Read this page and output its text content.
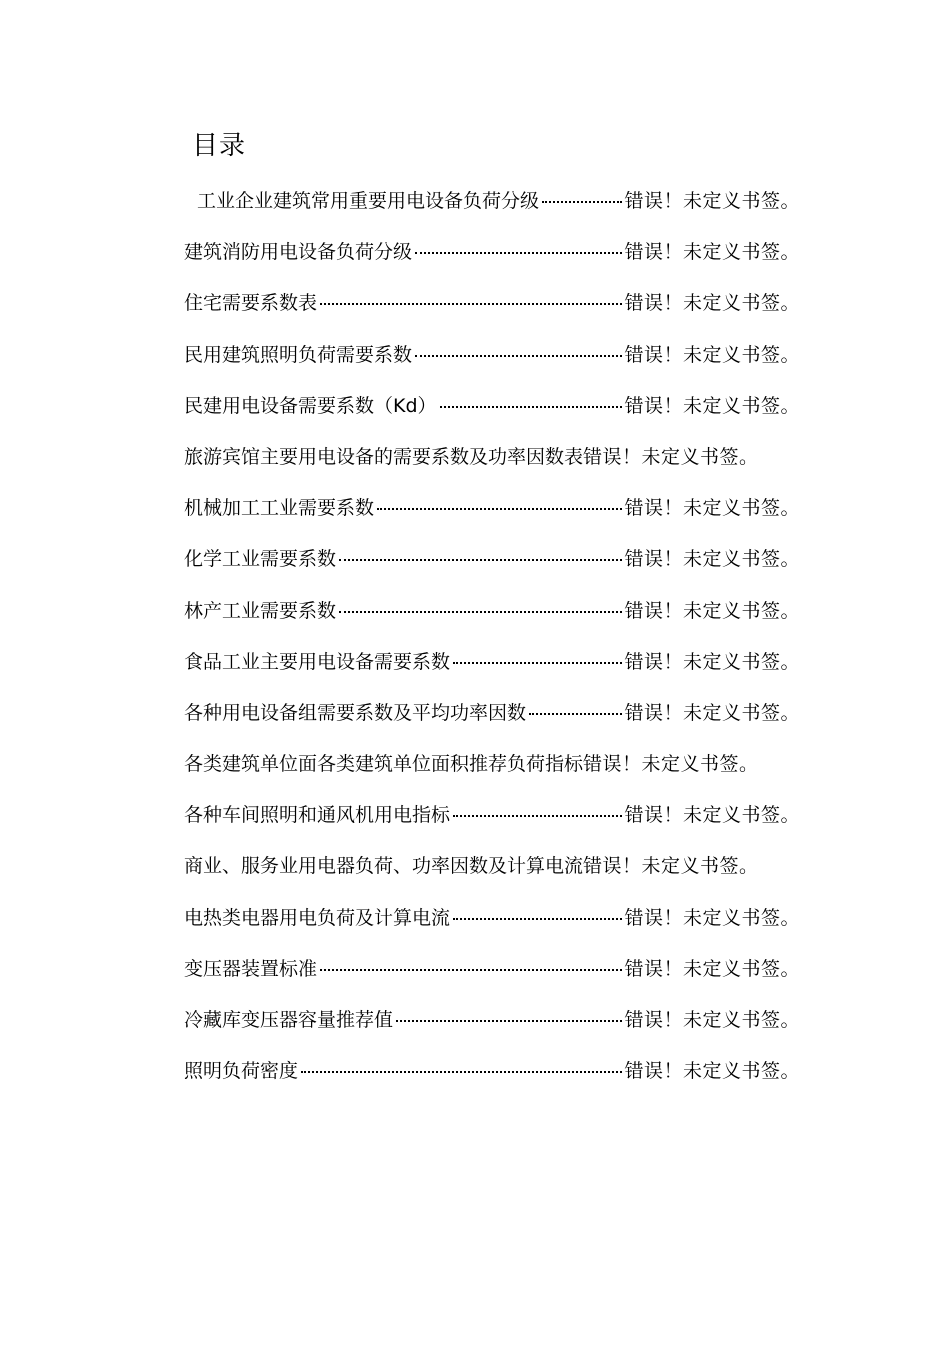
目录
工业企业建筑常用重要用电设备负荷分级	错误！未定义书签。
建筑消防用电设备负荷分级	错误！未定义书签。
住宅需要系数表	错误！未定义书签。
民用建筑照明负荷需要系数	错误！未定义书签。
民建用电设备需要系数（Kd）	错误！未定义书签。
旅游宾馆主要用电设备的需要系数及功率因数表 错误！未定义书签。
机械加工工业需要系数	错误！未定义书签。
化学工业需要系数	错误！未定义书签。
林产工业需要系数	错误！未定义书签。
食品工业主要用电设备需要系数	错误！未定义书签。
各种用电设备组需要系数及平均功率因数	错误！未定义书签。
各类建筑单位面各类建筑单位面积推荐负荷指标 错误！未定义书签。
各种车间照明和通风机用电指标	错误！未定义书签。
商业、服务业用电器负荷、功率因数及计算电流 错误！未定义书签。
电热类电器用电负荷及计算电流	错误！未定义书签。
变压器装置标准	错误！未定义书签。
冷藏库变压器容量推荐值	错误！未定义书签。
照明负荷密度	错误！未定义书签。
